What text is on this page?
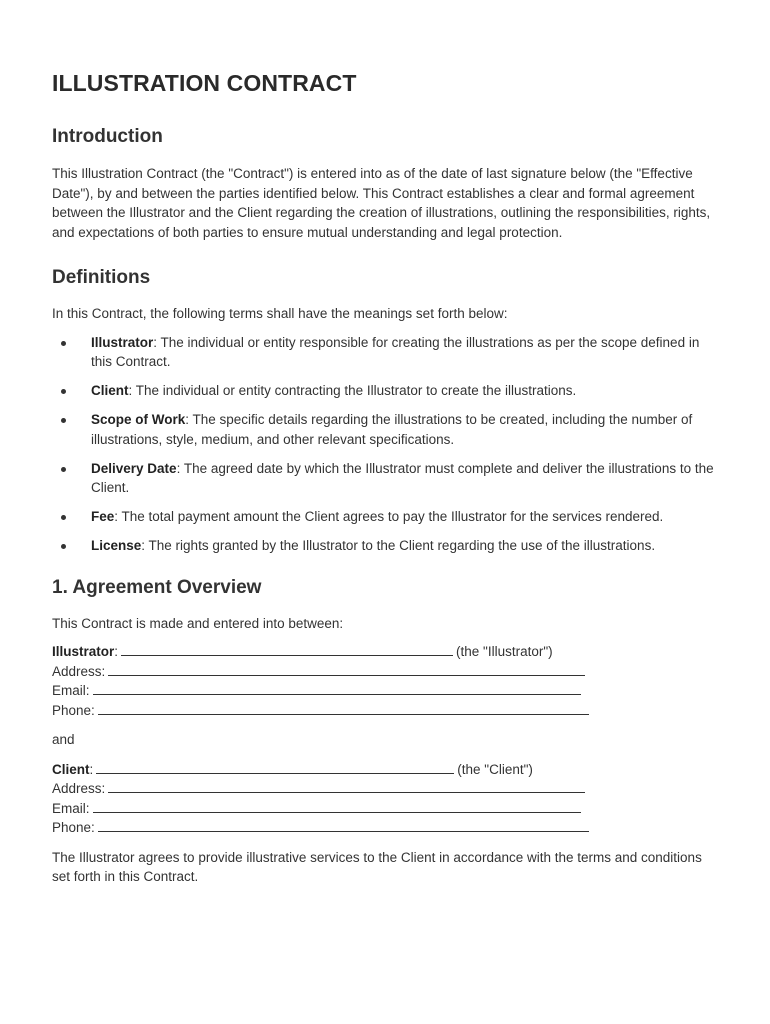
ILLUSTRATION CONTRACT
Introduction

This Illustration Contract (the "Contract") is entered into as of the date of last signature below (the "Effective Date"), by and between the parties identified below. This Contract establishes a clear and formal agreement between the Illustrator and the Client regarding the creation of illustrations, outlining the responsibilities, rights, and expectations of both parties to ensure mutual understanding and legal protection.

Definitions

In this Contract, the following terms shall have the meanings set forth below:

Illustrator: The individual or entity responsible for creating the illustrations as per the scope defined in this Contract.
Client: The individual or entity contracting the Illustrator to create the illustrations.
Scope of Work: The specific details regarding the illustrations to be created, including the number of illustrations, style, medium, and other relevant specifications.
Delivery Date: The agreed date by which the Illustrator must complete and deliver the illustrations to the Client.
Fee: The total payment amount the Client agrees to pay the Illustrator for the services rendered.
License: The rights granted by the Illustrator to the Client regarding the use of the illustrations.
1. Agreement Overview

This Contract is made and entered into between:

Illustrator:	(the "Illustrator")
Address:
Email:
Phone:

and

Client:	(the "Client")
Address:
Email:
Phone:

The Illustrator agrees to provide illustrative services to the Client in accordance with the terms and conditions set forth in this Contract.
